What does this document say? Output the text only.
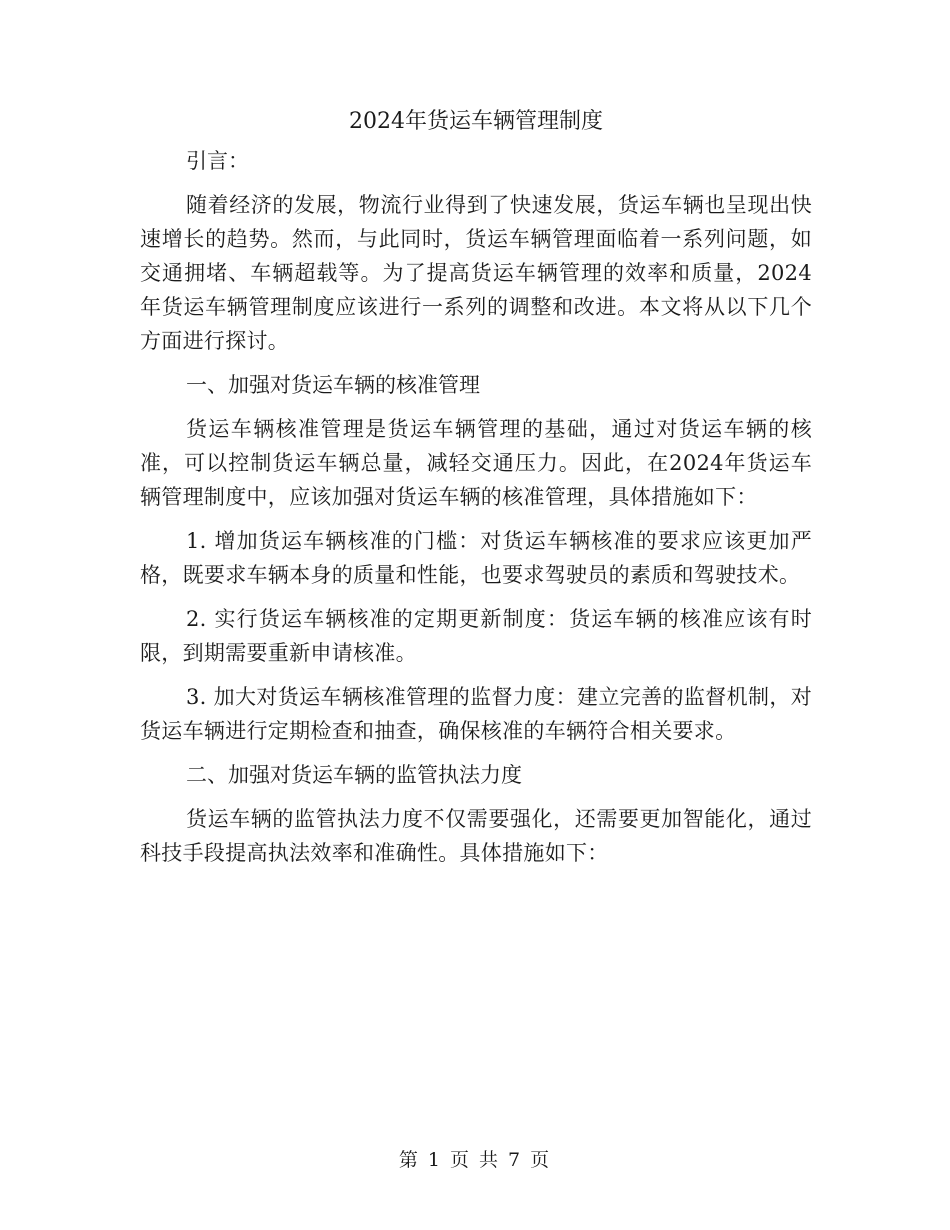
2024年货运车辆管理制度

引言：

随着经济的发展，物流行业得到了快速发展，货运车辆也呈现出快速增长的趋势。然而，与此同时，货运车辆管理面临着一系列问题，如交通拥堵、车辆超载等。为了提高货运车辆管理的效率和质量，2024年货运车辆管理制度应该进行一系列的调整和改进。本文将从以下几个方面进行探讨。

一、加强对货运车辆的核准管理

货运车辆核准管理是货运车辆管理的基础，通过对货运车辆的核准，可以控制货运车辆总量，减轻交通压力。因此，在2024年货运车辆管理制度中，应该加强对货运车辆的核准管理，具体措施如下：

1. 增加货运车辆核准的门槛：对货运车辆核准的要求应该更加严格，既要求车辆本身的质量和性能，也要求驾驶员的素质和驾驶技术。

2. 实行货运车辆核准的定期更新制度：货运车辆的核准应该有时限，到期需要重新申请核准。

3. 加大对货运车辆核准管理的监督力度：建立完善的监督机制，对货运车辆进行定期检查和抽查，确保核准的车辆符合相关要求。

二、加强对货运车辆的监管执法力度

货运车辆的监管执法力度不仅需要强化，还需要更加智能化，通过科技手段提高执法效率和准确性。具体措施如下：

第 1 页 共 7 页
